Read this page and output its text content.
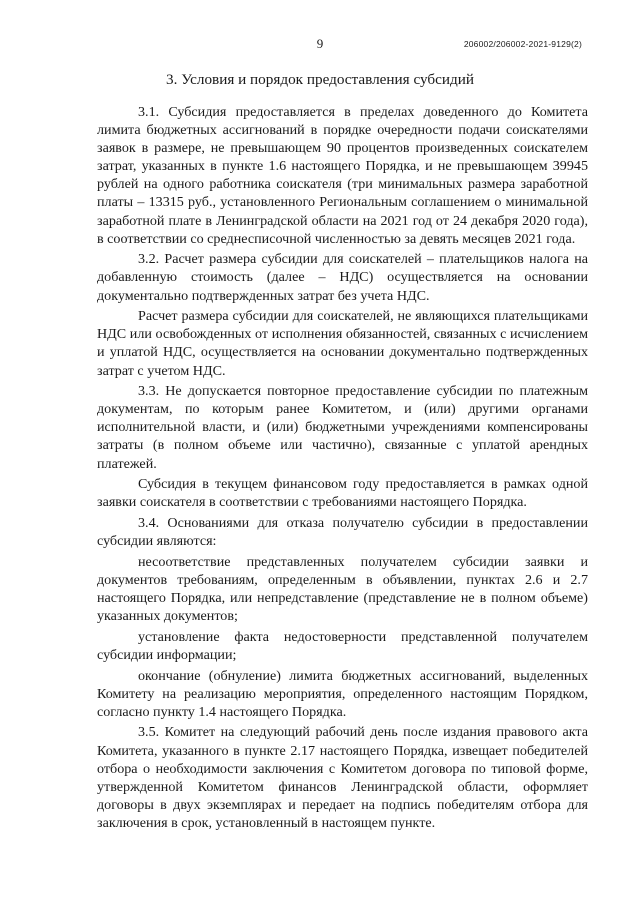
9	206002/206002-2021-9129(2)
3. Условия и порядок предоставления субсидий

3.1. Субсидия предоставляется в пределах доведенного до Комитета лимита бюджетных ассигнований в порядке очередности подачи соискателями заявок в размере, не превышающем 90 процентов произведенных соискателем затрат, указанных в пункте 1.6 настоящего Порядка, и не превышающем 39945 рублей на одного работника соискателя (три минимальных размера заработной платы – 13315 руб., установленного Региональным соглашением о минимальной заработной плате в Ленинградской области на 2021 год от 24 декабря 2020 года), в соответствии со среднесписочной численностью за девять месяцев 2021 года.

3.2. Расчет размера субсидии для соискателей – плательщиков налога на добавленную стоимость (далее – НДС) осуществляется на основании документально подтвержденных затрат без учета НДС.

Расчет размера субсидии для соискателей, не являющихся плательщиками НДС или освобожденных от исполнения обязанностей, связанных с исчислением и уплатой НДС, осуществляется на основании документально подтвержденных затрат с учетом НДС.

3.3. Не допускается повторное предоставление субсидии по платежным документам, по которым ранее Комитетом, и (или) другими органами исполнительной власти, и (или) бюджетными учреждениями компенсированы затраты (в полном объеме или частично), связанные с уплатой арендных платежей.

Субсидия в текущем финансовом году предоставляется в рамках одной заявки соискателя в соответствии с требованиями настоящего Порядка.

3.4. Основаниями для отказа получателю субсидии в предоставлении субсидии являются:

несоответствие представленных получателем субсидии заявки и документов требованиям, определенным в объявлении, пунктах 2.6 и 2.7 настоящего Порядка, или непредставление (представление не в полном объеме) указанных документов;

установление факта недостоверности представленной получателем субсидии информации;

окончание (обнуление) лимита бюджетных ассигнований, выделенных Комитету на реализацию мероприятия, определенного настоящим Порядком, согласно пункту 1.4 настоящего Порядка.

3.5. Комитет на следующий рабочий день после издания правового акта Комитета, указанного в пункте 2.17 настоящего Порядка, извещает победителей отбора о необходимости заключения с Комитетом договора по типовой форме, утвержденной Комитетом финансов Ленинградской области, оформляет договоры в двух экземплярах и передает на подпись победителям отбора для заключения в срок, установленный в настоящем пункте.
